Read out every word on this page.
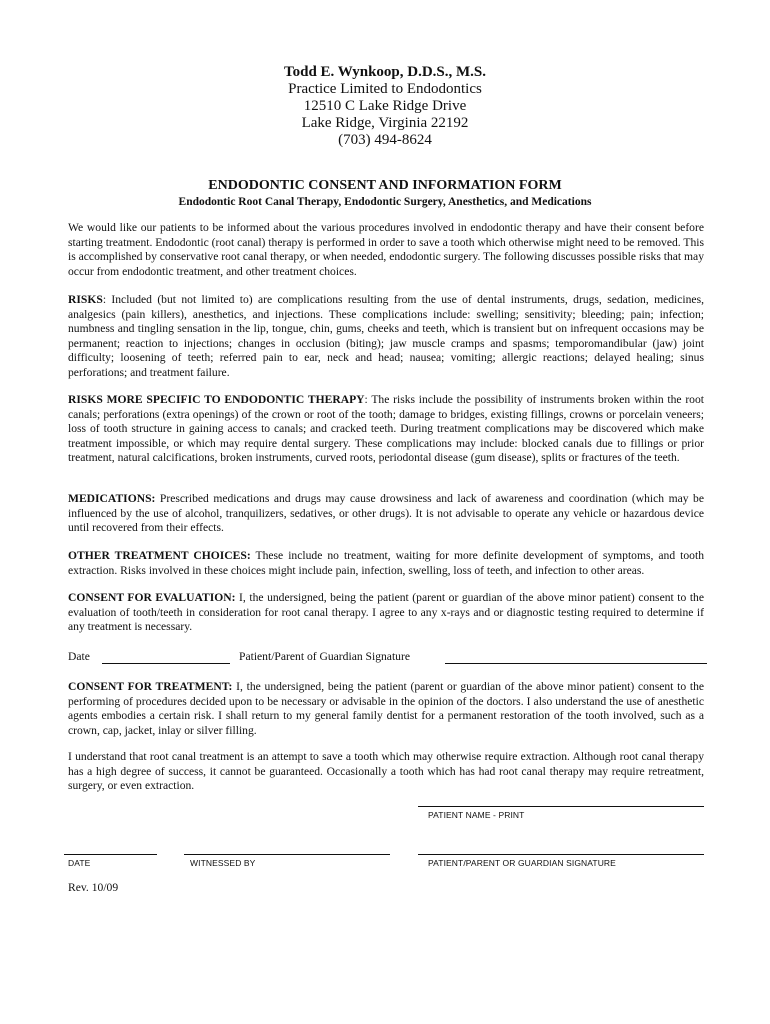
Todd E. Wynkoop, D.D.S., M.S.
Practice Limited to Endodontics
12510 C Lake Ridge Drive
Lake Ridge, Virginia 22192
(703) 494-8624
ENDODONTIC CONSENT AND INFORMATION FORM
Endodontic Root Canal Therapy, Endodontic Surgery, Anesthetics, and Medications

We would like our patients to be informed about the various procedures involved in endodontic therapy and have their consent before starting treatment. Endodontic (root canal) therapy is performed in order to save a tooth which otherwise might need to be removed. This is accomplished by conservative root canal therapy, or when needed, endodontic surgery. The following discusses possible risks that may occur from endodontic treatment, and other treatment choices.

RISKS: Included (but not limited to) are complications resulting from the use of dental instruments, drugs, sedation, medicines, analgesics (pain killers), anesthetics, and injections. These complications include: swelling; sensitivity; bleeding; pain; infection; numbness and tingling sensation in the lip, tongue, chin, gums, cheeks and teeth, which is transient but on infrequent occasions may be permanent; reaction to injections; changes in occlusion (biting); jaw muscle cramps and spasms; temporomandibular (jaw) joint difficulty; loosening of teeth; referred pain to ear, neck and head; nausea; vomiting; allergic reactions; delayed healing; sinus perforations; and treatment failure.

RISKS MORE SPECIFIC TO ENDODONTIC THERAPY: The risks include the possibility of instruments broken within the root canals; perforations (extra openings) of the crown or root of the tooth; damage to bridges, existing fillings, crowns or porcelain veneers; loss of tooth structure in gaining access to canals; and cracked teeth. During treatment complications may be discovered which make treatment impossible, or which may require dental surgery. These complications may include: blocked canals due to fillings or prior treatment, natural calcifications, broken instruments, curved roots, periodontal disease (gum disease), splits or fractures of the teeth.

MEDICATIONS: Prescribed medications and drugs may cause drowsiness and lack of awareness and coordination (which may be influenced by the use of alcohol, tranquilizers, sedatives, or other drugs). It is not advisable to operate any vehicle or hazardous device until recovered from their effects.

OTHER TREATMENT CHOICES: These include no treatment, waiting for more definite development of symptoms, and tooth extraction. Risks involved in these choices might include pain, infection, swelling, loss of teeth, and infection to other areas.

CONSENT FOR EVALUATION: I, the undersigned, being the patient (parent or guardian of the above minor patient) consent to the evaluation of tooth/teeth in consideration for root canal therapy. I agree to any x-rays and or diagnostic testing required to determine if any treatment is necessary.

Date	Patient/Parent of Guardian Signature

CONSENT FOR TREATMENT: I, the undersigned, being the patient (parent or guardian of the above minor patient) consent to the performing of procedures decided upon to be necessary or advisable in the opinion of the doctors. I also understand the use of anesthetic agents embodies a certain risk. I shall return to my general family dentist for a permanent restoration of the tooth involved, such as a crown, cap, jacket, inlay or silver filling.

I understand that root canal treatment is an attempt to save a tooth which may otherwise require extraction. Although root canal therapy has a high degree of success, it cannot be guaranteed. Occasionally a tooth which has had root canal therapy may require retreatment, surgery, or even extraction.

PATIENT NAME - PRINT
DATE	WITNESSED BY	PATIENT/PARENT OR GUARDIAN SIGNATURE
Rev. 10/09
